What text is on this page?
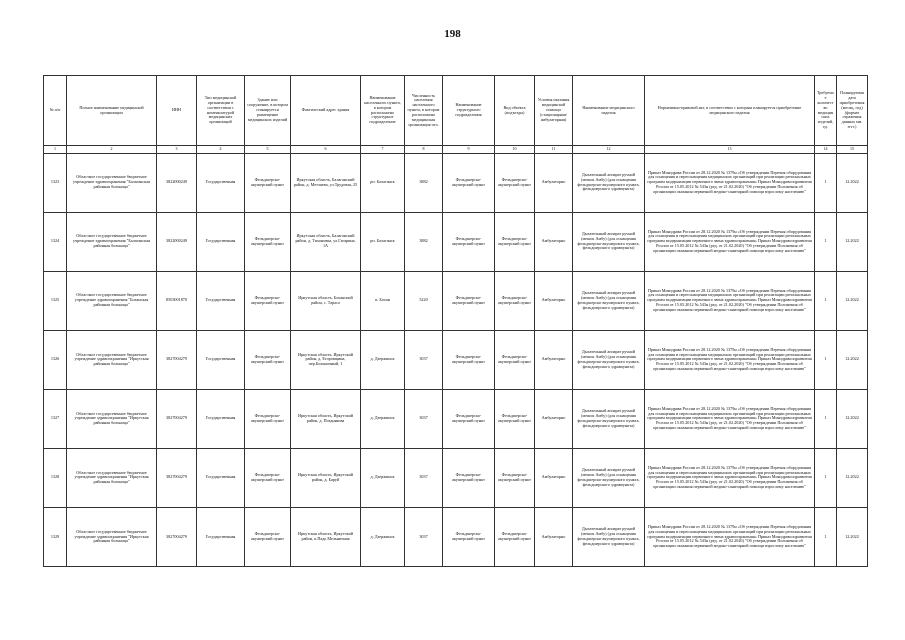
198
№ п/п	Полное наименование медицинской организации	ИНН	Тип медицинской организации в соответствии с номенклатурой медицинских организаций	Здание или сооружение, в котором планируется размещение медицинских изделий	Фактический адрес здания	Наименование населенного пункта, в котором расположено структурное подразделение	Численность населения населенного пункта, в котором расположено медицинская организация чел.	Наименование структурного подразделения	Вид объекта (подъезды)	Условия оказания медицинской помощи (стационарная/амбулаторная)	Наименование медицинского изделия	Нормативно-правовой акт, в соответствии с которым планируется приобретение медицинского изделия	Требуемое количество медицинских изделий, ед.	Планируемая дата приобретения (месяц, год) (формат отражения данных мм. гггг.)
1	2	3	4	5	6	7	8	9	10	11	12	13	14	15
1323	Областное государственное бюджетное учреждение здравоохранения "Балаганская районная больница"	3822000249	Государственная	Фельдшерско-акушерский пункт	Иркутская область, Балаганский район, д. Метляева, ул.Трудовая, 25	рп. Балаганск	3882	Фельдшерско-акушерский пункт	Фельдшерско-акушерский пункт	Амбулаторно	Дыхательный аппарат ручной (мешок Амбу) (для оснащения фельдшерско-акушерского пункта, фельдшерского здравпункта)	Приказ Минздрава России от 28.12.2020 № 1379н «Об утверждении Перечня оборудования для оснащения и переоснащения медицинских организаций при реализации региональных программ модернизации первичного звена здравоохранения» Приказ Минздравсоцразвития России от 15.05.2012 № 543н (ред. от 21.02.2020) "Об утверждении Положения об организации оказания первичной медико-санитарной помощи взрослому населению"	1	12.2022
1324	Областное государственное бюджетное учреждение здравоохранения "Балаганская районная больница"	3822000249	Государственная	Фельдшерско-акушерский пункт	Иркутская область, Балаганский район, д. Тихоновка, ул.Гагарина, 1А	рп. Балаганск	3882	Фельдшерско-акушерский пункт	Фельдшерско-акушерский пункт	Амбулаторно	Дыхательный аппарат ручной (мешок Амбу) (для оснащения фельдшерско-акушерского пункта, фельдшерского здравпункта)	Приказ Минздрава России от 28.12.2020 № 1379н «Об утверждении Перечня оборудования для оснащения и переоснащения медицинских организаций при реализации региональных программ модернизации первичного звена здравоохранения» Приказ Минздравсоцразвития России от 15.05.2012 № 543н (ред. от 21.02.2020) "Об утверждении Положения об организации оказания первичной медико-санитарной помощи взрослому населению"	1	12.2022
1325	Областное государственное бюджетное учреждение здравоохранения "Боханская районная больница"	8503001870	Государственная	Фельдшерско-акушерский пункт	Иркутская область, Боханский район, с. Тараса	п. Бохан	5220	Фельдшерско-акушерский пункт	Фельдшерско-акушерский пункт	Амбулаторно	Дыхательный аппарат ручной (мешок Амбу) (для оснащения фельдшерско-акушерского пункта, фельдшерского здравпункта)	Приказ Минздрава России от 28.12.2020 № 1379н «Об утверждении Перечня оборудования для оснащения и переоснащения медицинских организаций при реализации региональных программ модернизации первичного звена здравоохранения» Приказ Минздравсоцразвития России от 15.05.2012 № 543н (ред. от 21.02.2020) "Об утверждении Положения об организации оказания первичной медико-санитарной помощи взрослому населению"	1	12.2022
1326	Областное государственное бюджетное учреждение здравоохранения "Иркутская районная больница"	3827004279	Государственная	Фельдшерско-акушерский пункт	Иркутская область, Иркутский район, д. Егоровщина, пер.Больничный, 1	д. Дзержинск	3037	Фельдшерско-акушерский пункт	Фельдшерско-акушерский пункт	Амбулаторно	Дыхательный аппарат ручной (мешок Амбу) (для оснащения фельдшерско-акушерского пункта, фельдшерского здравпункта)	Приказ Минздрава России от 28.12.2020 № 1379н «Об утверждении Перечня оборудования для оснащения и переоснащения медицинских организаций при реализации региональных программ модернизации первичного звена здравоохранения» Приказ Минздравсоцразвития России от 15.05.2012 № 543н (ред. от 21.02.2020) "Об утверждении Положения об организации оказания первичной медико-санитарной помощи взрослому населению"	1	12.2022
1327	Областное государственное бюджетное учреждение здравоохранения "Иркутская районная больница"	3827004279	Государственная	Фельдшерско-акушерский пункт	Иркутская область, Иркутский район, д. Позднякова	д. Дзержинск	3037	Фельдшерско-акушерский пункт	Фельдшерско-акушерский пункт	Амбулаторно	Дыхательный аппарат ручной (мешок Амбу) (для оснащения фельдшерско-акушерского пункта, фельдшерского здравпункта)	Приказ Минздрава России от 28.12.2020 № 1379н «Об утверждении Перечня оборудования для оснащения и переоснащения медицинских организаций при реализации региональных программ модернизации первичного звена здравоохранения» Приказ Минздравсоцразвития России от 15.05.2012 № 543н (ред. от 21.02.2020) "Об утверждении Положения об организации оказания первичной медико-санитарной помощи взрослому населению"	1	12.2022
1328	Областное государственное бюджетное учреждение здравоохранения "Иркутская районная больница"	3827004279	Государственная	Фельдшерско-акушерский пункт	Иркутская область, Иркутский район, д. Баруй	д. Дзержинск	3037	Фельдшерско-акушерский пункт	Фельдшерско-акушерский пункт	Амбулаторно	Дыхательный аппарат ручной (мешок Амбу) (для оснащения фельдшерско-акушерского пункта, фельдшерского здравпункта)	Приказ Минздрава России от 28.12.2020 № 1379н «Об утверждении Перечня оборудования для оснащения и переоснащения медицинских организаций при реализации региональных программ модернизации первичного звена здравоохранения» Приказ Минздравсоцразвития России от 15.05.2012 № 543н (ред. от 21.02.2020) "Об утверждении Положения об организации оказания первичной медико-санитарной помощи взрослому населению"	1	12.2022
1329	Областное государственное бюджетное учреждение здравоохранения "Иркутская районная больница"	3827004279	Государственная	Фельдшерско-акушерский пункт	Иркутская область, Иркутский район, п.Падь Мельничная	д. Дзержинск	3037	Фельдшерско-акушерский пункт	Фельдшерско-акушерский пункт	Амбулаторно	Дыхательный аппарат ручной (мешок Амбу) (для оснащения фельдшерско-акушерского пункта, фельдшерского здравпункта)	Приказ Минздрава России от 28.12.2020 № 1379н «Об утверждении Перечня оборудования для оснащения и переоснащения медицинских организаций при реализации региональных программ модернизации первичного звена здравоохранения» Приказ Минздравсоцразвития России от 15.05.2012 № 543н (ред. от 21.02.2020) "Об утверждении Положения об организации оказания первичной медико-санитарной помощи взрослому населению"	1	12.2022
